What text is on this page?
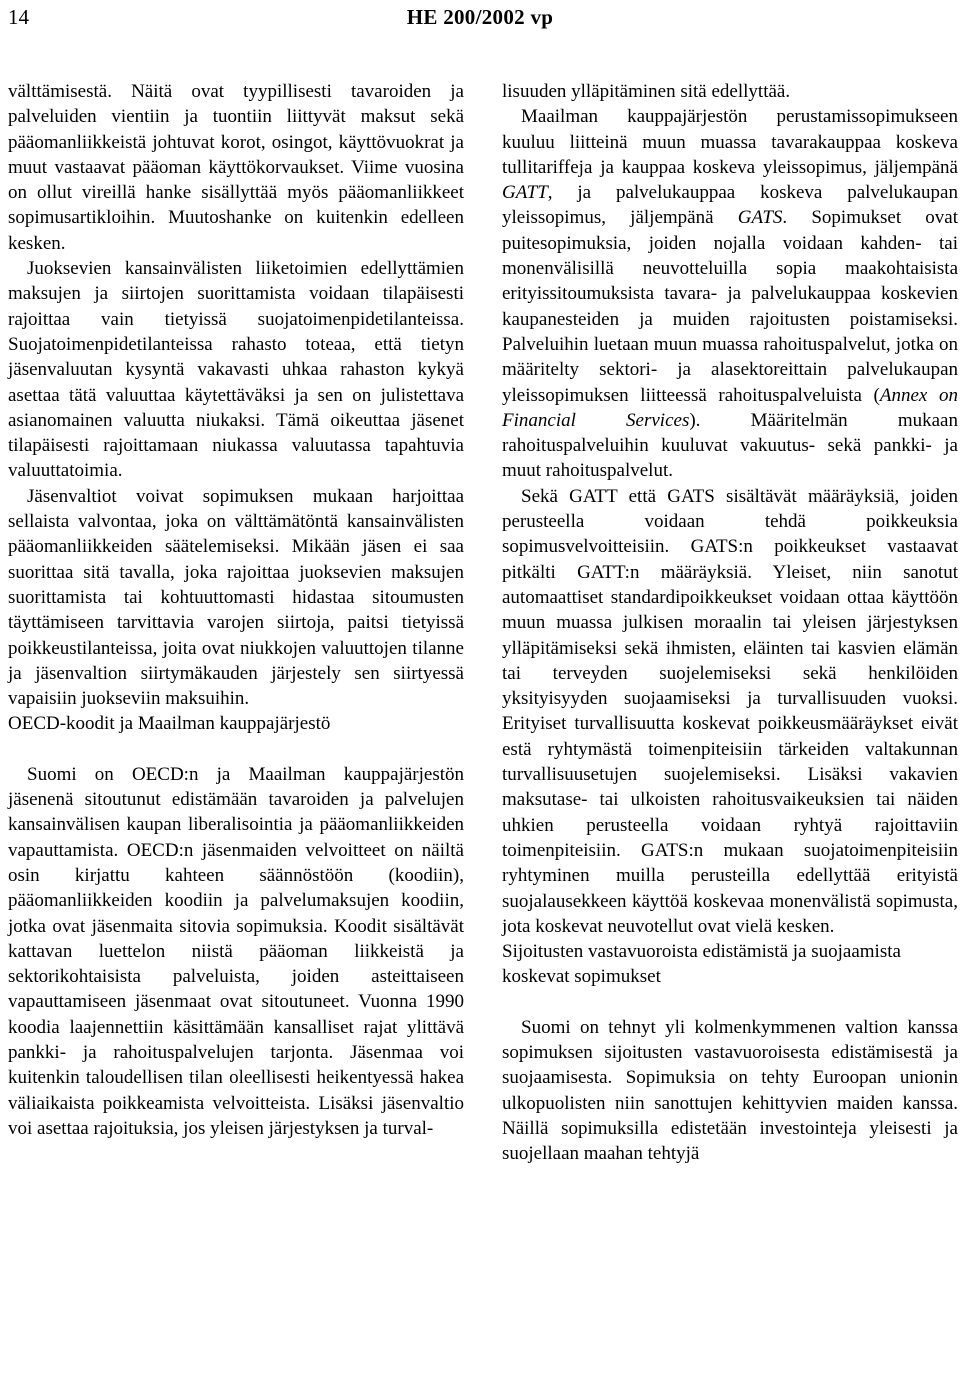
14	HE 200/2002 vp

välttämisestä. Näitä ovat tyypillisesti tavaroiden ja palveluiden vientiin ja tuontiin liittyvät maksut sekä pääomanliikkeistä johtuvat korot, osingot, käyttövuokrat ja muut vastaavat pääoman käyttökorvaukset. Viime vuosina on ollut vireillä hanke sisällyttää myös pääomanliikkeet sopimusartikloihin. Muutoshanke on kuitenkin edelleen kesken.

Juoksevien kansainvälisten liiketoimien edellyttämien maksujen ja siirtojen suorittamista voidaan tilapäisesti rajoittaa vain tietyissä suojatoimenpidetilanteissa. Suojatoimenpidetilanteissa rahasto toteaa, että tietyn jäsenvaluutan kysyntä vakavasti uhkaa rahaston kykyä asettaa tätä valuuttaa käytettäväksi ja sen on julistettava asianomainen valuutta niukaksi. Tämä oikeuttaa jäsenet tilapäisesti rajoittamaan niukassa valuutassa tapahtuvia valuuttatoimia.

Jäsenvaltiot voivat sopimuksen mukaan harjoittaa sellaista valvontaa, joka on välttämätöntä kansainvälisten pääomanliikkeiden säätelemiseksi. Mikään jäsen ei saa suorittaa sitä tavalla, joka rajoittaa juoksevien maksujen suorittamista tai kohtuuttomasti hidastaa sitoumusten täyttämiseen tarvittavia varojen siirtoja, paitsi tietyissä poikkeustilanteissa, joita ovat niukkojen valuuttojen tilanne ja jäsenvaltion siirtymäkauden järjestely sen siirtyessä vapaisiin juokseviin maksuihin.

OECD-koodit ja Maailman kauppajärjestö

Suomi on OECD:n ja Maailman kauppajärjestön jäsenenä sitoutunut edistämään tavaroiden ja palvelujen kansainvälisen kaupan liberalisointia ja pääomanliikkeiden vapauttamista. OECD:n jäsenmaiden velvoitteet on näiltä osin kirjattu kahteen säännöstöön (koodiin), pääomanliikkeiden koodiin ja palvelumaksujen koodiin, jotka ovat jäsenmaita sitovia sopimuksia. Koodit sisältävät kattavan luettelon niistä pääoman liikkeistä ja sektorikohtaisista palveluista, joiden asteittaiseen vapauttamiseen jäsenmaat ovat sitoutuneet. Vuonna 1990 koodia laajennettiin käsittämään kansalliset rajat ylittävä pankki- ja rahoituspalvelujen tarjonta. Jäsenmaa voi kuitenkin taloudellisen tilan oleellisesti heikentyessä hakea väliaikaista poikkeamista velvoitteista. Lisäksi jäsenvaltio voi asettaa rajoituksia, jos yleisen järjestyksen ja turval-

lisuuden ylläpitäminen sitä edellyttää.

Maailman kauppajärjestön perustamissopimukseen kuuluu liitteinä muun muassa tavarakauppaa koskeva tullitariffeja ja kauppaa koskeva yleissopimus, jäljempänä GATT, ja palvelukauppaa koskeva palvelukaupan yleissopimus, jäljempänä GATS. Sopimukset ovat puitesopimuksia, joiden nojalla voidaan kahden- tai monenvälisillä neuvotteluilla sopia maakohtaisista erityissitoumuksista tavara- ja palvelukauppaa koskevien kaupanesteiden ja muiden rajoitusten poistamiseksi. Palveluihin luetaan muun muassa rahoituspalvelut, jotka on määritelty sektori- ja alasektoreittain palvelukaupan yleissopimuksen liitteessä rahoituspalveluista (Annex on Financial Services). Määritelmän mukaan rahoituspalveluihin kuuluvat vakuutus- sekä pankki- ja muut rahoituspalvelut.

Sekä GATT että GATS sisältävät määräyksiä, joiden perusteella voidaan tehdä poikkeuksia sopimusvelvoitteisiin. GATS:n poikkeukset vastaavat pitkälti GATT:n määräyksiä. Yleiset, niin sanotut automaattiset standardipoikkeukset voidaan ottaa käyttöön muun muassa julkisen moraalin tai yleisen järjestyksen ylläpitämiseksi sekä ihmisten, eläinten tai kasvien elämän tai terveyden suojelemiseksi sekä henkilöiden yksityisyyden suojaamiseksi ja turvallisuuden vuoksi. Erityiset turvallisuutta koskevat poikkeusmääräykset eivät estä ryhtymästä toimenpiteisiin tärkeiden valtakunnan turvallisuusetujen suojelemiseksi. Lisäksi vakavien maksutase- tai ulkoisten rahoitusvaikeuksien tai näiden uhkien perusteella voidaan ryhtyä rajoittaviin toimenpiteisiin. GATS:n mukaan suojatoimenpiteisiin ryhtyminen muilla perusteilla edellyttää erityistä suojalausekkeen käyttöä koskevaa monenvälistä sopimusta, jota koskevat neuvotellut ovat vielä kesken.

Sijoitusten vastavuoroista edistämistä ja suojaamista koskevat sopimukset

Suomi on tehnyt yli kolmenkymmenen valtion kanssa sopimuksen sijoitusten vastavuoroisesta edistämisestä ja suojaamisesta. Sopimuksia on tehty Euroopan unionin ulkopuolisten niin sanottujen kehittyvien maiden kanssa. Näillä sopimuksilla edistetään investointeja yleisesti ja suojellaan maahan tehtyjä
